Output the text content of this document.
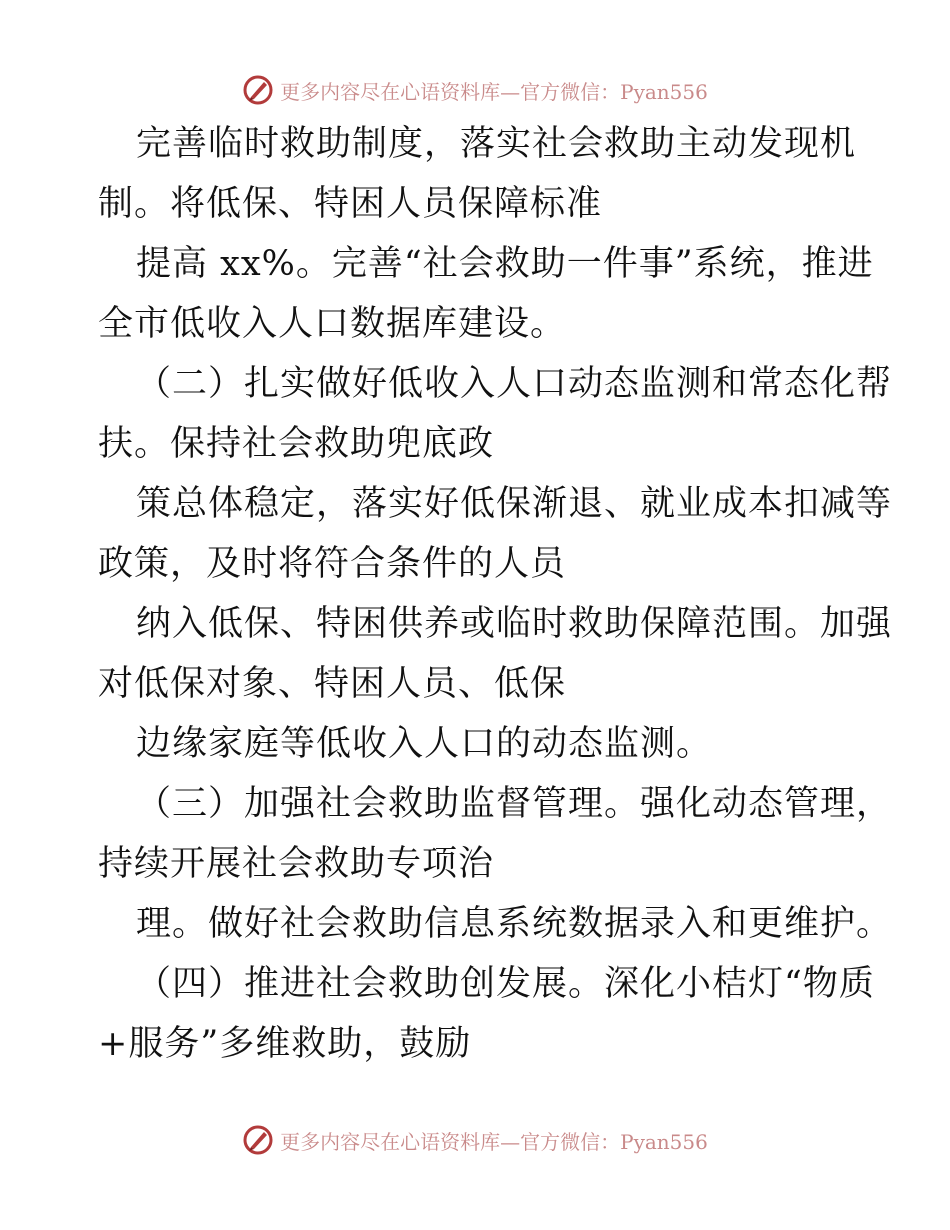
更多内容尽在心语资料库—官方微信：Pyan556
完善临时救助制度，落实社会救助主动发现机
制。将低保、特困人员保障标准
提高 xx%。完善“社会救助一件事”系统，推进
全市低收入人口数据库建设。
（二）扎实做好低收入人口动态监测和常态化帮
扶。保持社会救助兜底政
策总体稳定，落实好低保渐退、就业成本扣减等
政策，及时将符合条件的人员
纳入低保、特困供养或临时救助保障范围。加强
对低保对象、特困人员、低保
边缘家庭等低收入人口的动态监测。
（三）加强社会救助监督管理。强化动态管理，
持续开展社会救助专项治
理。做好社会救助信息系统数据录入和更维护。
（四）推进社会救助创发展。深化小桔灯“物质
+服务”多维救助，鼓励
更多内容尽在心语资料库—官方微信：Pyan556
